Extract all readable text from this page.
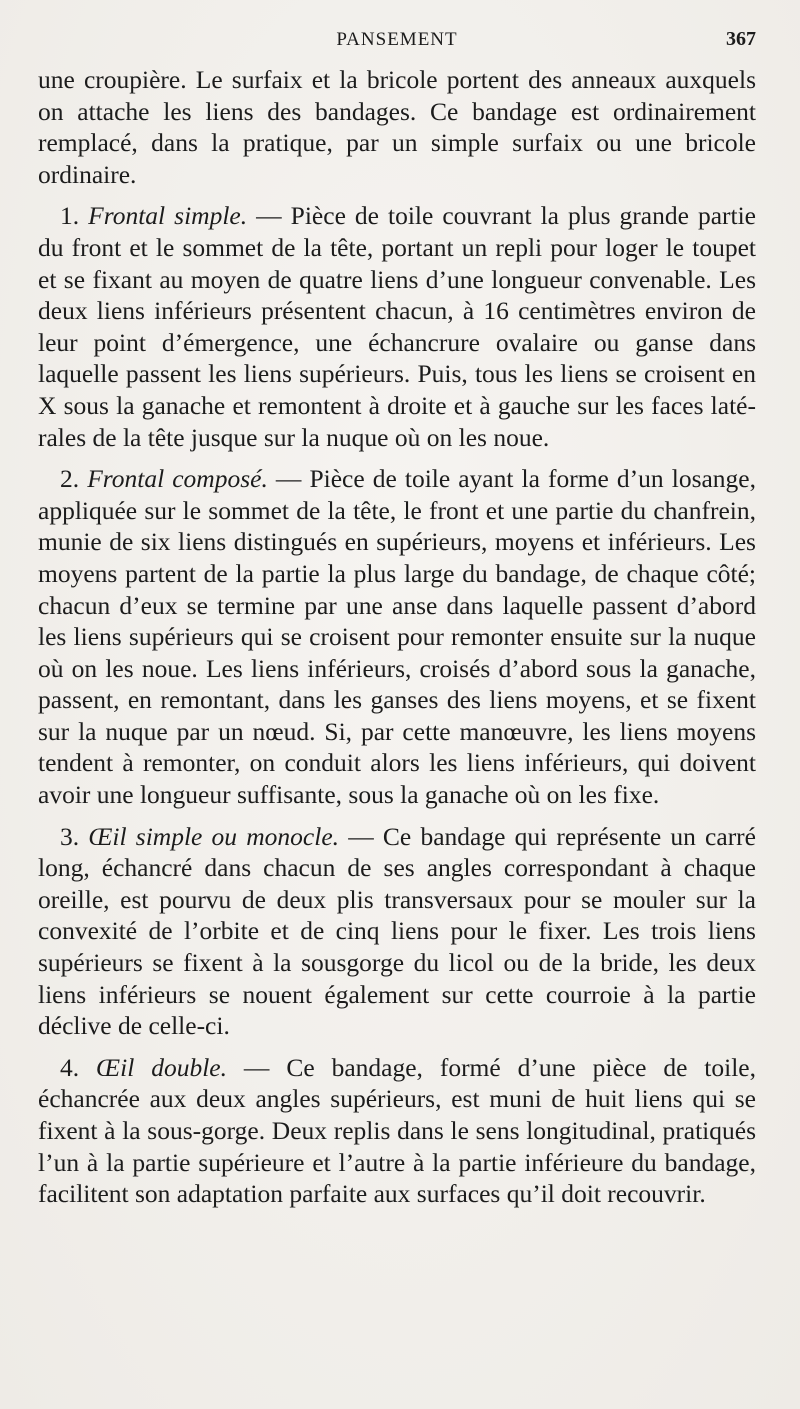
PANSEMENT	367

une croupière. Le surfaix et la bricole portent des anneaux auxquels on attache les liens des bandages. Ce bandage est ordinairement remplacé, dans la pratique, par un simple surfaix ou une bricole ordinaire.

1. Frontal simple. — Pièce de toile couvrant la plus grande partie du front et le sommet de la tête, portant un repli pour loger le toupet et se fixant au moyen de quatre liens d’une longueur convenable. Les deux liens inférieurs présentent chacun, à 16 centimètres environ de leur point d’émergence, une échancrure ovalaire ou ganse dans laquelle passent les liens supérieurs. Puis, tous les liens se croisent en X sous la ganache et remontent à droite et à gauche sur les faces latérales de la tête jusque sur la nuque où on les noue.

2. Frontal composé. — Pièce de toile ayant la forme d’un losange, appliquée sur le sommet de la tête, le front et une partie du chanfrein, munie de six liens distingués en supérieurs, moyens et inférieurs. Les moyens partent de la partie la plus large du bandage, de chaque côté; chacun d’eux se termine par une anse dans laquelle passent d’abord les liens supérieurs qui se croisent pour remonter ensuite sur la nuque où on les noue. Les liens inférieurs, croisés d’abord sous la ganache, passent, en remontant, dans les ganses des liens moyens, et se fixent sur la nuque par un nœud. Si, par cette manœuvre, les liens moyens tendent à remonter, on conduit alors les liens inférieurs, qui doivent avoir une longueur suffisante, sous la ganache où on les fixe.

3. Œil simple ou monocle. — Ce bandage qui représente un carré long, échancré dans chacun de ses angles correspondant à chaque oreille, est pourvu de deux plis transversaux pour se mouler sur la convexité de l’orbite et de cinq liens pour le fixer. Les trois liens supérieurs se fixent à la sousgorge du licol ou de la bride, les deux liens inférieurs se nouent également sur cette courroie à la partie déclive de celle-ci.

4. Œil double. — Ce bandage, formé d’une pièce de toile, échancrée aux deux angles supérieurs, est muni de huit liens qui se fixent à la sous-gorge. Deux replis dans le sens longitudinal, pratiqués l’un à la partie supérieure et l’autre à la partie inférieure du bandage, facilitent son adaptation parfaite aux surfaces qu’il doit recouvrir.
